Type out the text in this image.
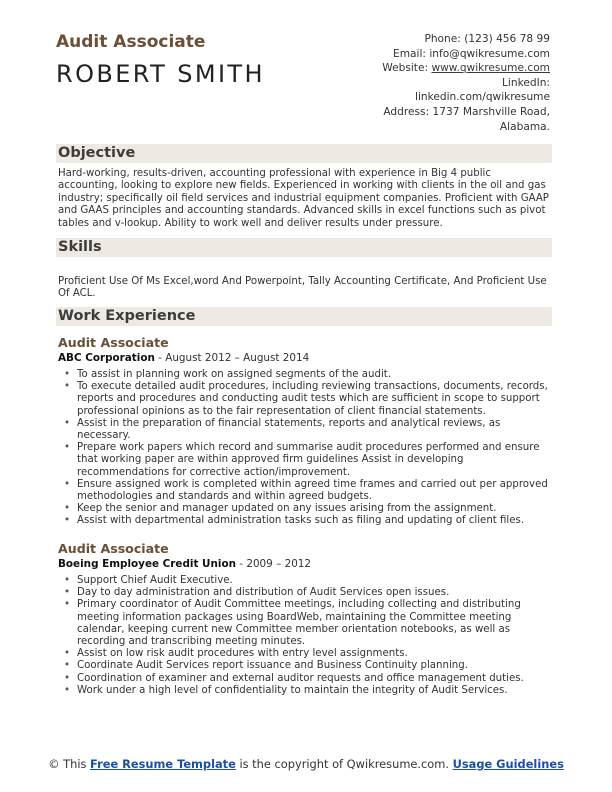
Audit Associate
ROBERT SMITH
Phone: (123) 456 78 99
Email: info@qwikresume.com
Website: www.qwikresume.com
LinkedIn:
linkedin.com/qwikresume
Address: 1737 Marshville Road,
Alabama.
Objective
Hard-working, results-driven, accounting professional with experience in Big 4 public accounting, looking to explore new fields. Experienced in working with clients in the oil and gas industry; specifically oil field services and industrial equipment companies. Proficient with GAAP and GAAS principles and accounting standards. Advanced skills in excel functions such as pivot tables and v-lookup. Ability to work well and deliver results under pressure.
Skills
Proficient Use Of Ms Excel,word And Powerpoint, Tally Accounting Certificate, And Proficient Use Of ACL.
Work Experience
Audit Associate
ABC Corporation - August 2012 – August 2014
• To assist in planning work on assigned segments of the audit.
• To execute detailed audit procedures, including reviewing transactions, documents, records, reports and procedures and conducting audit tests which are sufficient in scope to support professional opinions as to the fair representation of client financial statements.
• Assist in the preparation of financial statements, reports and analytical reviews, as necessary.
• Prepare work papers which record and summarise audit procedures performed and ensure that working paper are within approved firm guidelines Assist in developing recommendations for corrective action/improvement.
• Ensure assigned work is completed within agreed time frames and carried out per approved methodologies and standards and within agreed budgets.
• Keep the senior and manager updated on any issues arising from the assignment.
• Assist with departmental administration tasks such as filing and updating of client files.
Audit Associate
Boeing Employee Credit Union - 2009 – 2012
• Support Chief Audit Executive.
• Day to day administration and distribution of Audit Services open issues.
• Primary coordinator of Audit Committee meetings, including collecting and distributing meeting information packages using BoardWeb, maintaining the Committee meeting calendar, keeping current new Committee member orientation notebooks, as well as recording and transcribing meeting minutes.
• Assist on low risk audit procedures with entry level assignments.
• Coordinate Audit Services report issuance and Business Continuity planning.
• Coordination of examiner and external auditor requests and office management duties.
• Work under a high level of confidentiality to maintain the integrity of Audit Services.
© This Free Resume Template is the copyright of Qwikresume.com. Usage Guidelines
